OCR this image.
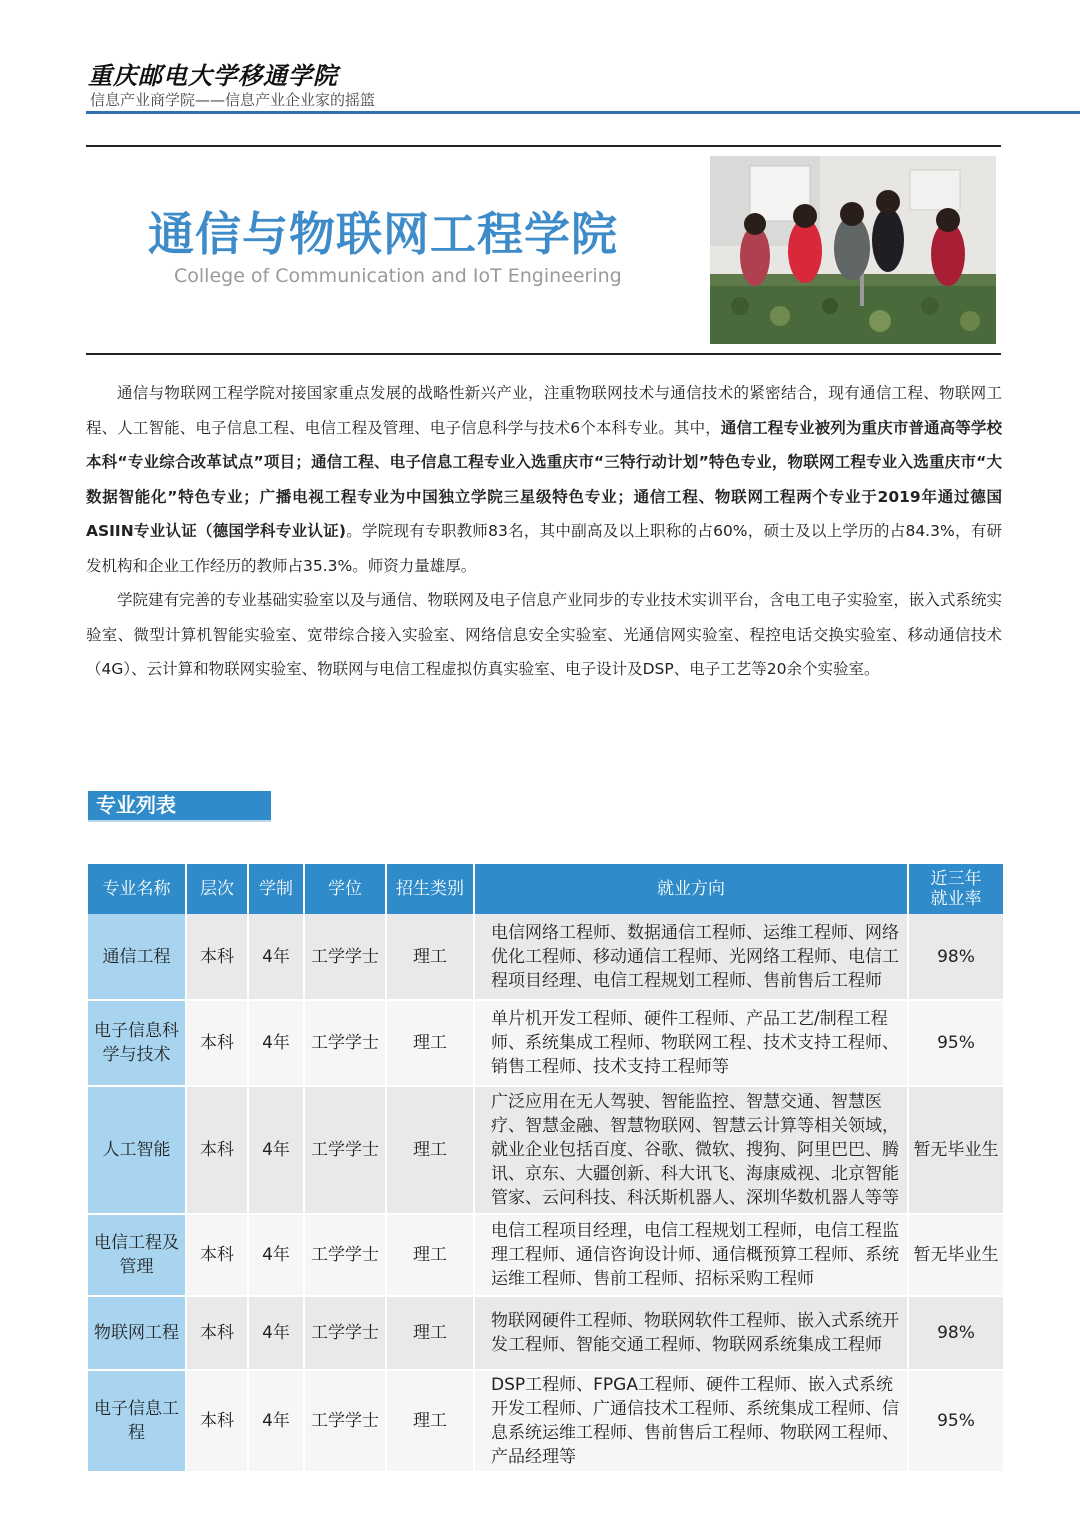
重庆邮电大学移通学院
信息产业商学院——信息产业企业家的摇篮
通信与物联网工程学院
College of Communication and IoT Engineering

通信与物联网工程学院对接国家重点发展的战略性新兴产业，注重物联网技术与通信技术的紧密结合，现有通信工程、物联网工程、人工智能、电子信息工程、电信工程及管理、电子信息科学与技术6个本科专业。其中，通信工程专业被列为重庆市普通高等学校本科“专业综合改革试点”项目；通信工程、电子信息工程专业入选重庆市“三特行动计划”特色专业，物联网工程专业入选重庆市“大数据智能化”特色专业；广播电视工程专业为中国独立学院三星级特色专业；通信工程、物联网工程两个专业于2019年通过德国ASIIN专业认证（德国学科专业认证)。学院现有专职教师83名，其中副高及以上职称的占60%，硕士及以上学历的占84.3%，有研发机构和企业工作经历的教师占35.3%。师资力量雄厚。

学院建有完善的专业基础实验室以及与通信、物联网及电子信息产业同步的专业技术实训平台，含电工电子实验室，嵌入式系统实验室、微型计算机智能实验室、宽带综合接入实验室、网络信息安全实验室、光通信网实验室、程控电话交换实验室、移动通信技术（4G）、云计算和物联网实验室、物联网与电信工程虚拟仿真实验室、电子设计及DSP、电子工艺等20余个实验室。

专业列表
专业名称	层次	学制	学位	招生类别	就业方向	近三年
就业率
通信工程	本科	4年	工学学士	理工	电信网络工程师、数据通信工程师、运维工程师、网络优化工程师、移动通信工程师、光网络工程师、电信工程项目经理、电信工程规划工程师、售前售后工程师	98%
电子信息科学与技术	本科	4年	工学学士	理工	单片机开发工程师、硬件工程师、产品工艺/制程工程师、系统集成工程师、物联网工程、技术支持工程师、销售工程师、技术支持工程师等	95%
人工智能	本科	4年	工学学士	理工	广泛应用在无人驾驶、智能监控、智慧交通、智慧医疗、智慧金融、智慧物联网、智慧云计算等相关领域，就业企业包括百度、谷歌、微软、搜狗、阿里巴巴、腾讯、京东、大疆创新、科大讯飞、海康威视、北京智能管家、云问科技、科沃斯机器人、深圳华数机器人等等	暂无毕业生
电信工程及管理	本科	4年	工学学士	理工	电信工程项目经理，电信工程规划工程师，电信工程监理工程师、通信咨询设计师、通信概预算工程师、系统运维工程师、售前工程师、招标采购工程师	暂无毕业生
物联网工程	本科	4年	工学学士	理工	物联网硬件工程师、物联网软件工程师、嵌入式系统开发工程师、智能交通工程师、物联网系统集成工程师	98%
电子信息工程	本科	4年	工学学士	理工	DSP工程师、FPGA工程师、硬件工程师、嵌入式系统开发工程师、广通信技术工程师、系统集成工程师、信息系统运维工程师、售前售后工程师、物联网工程师、产品经理等	95%
